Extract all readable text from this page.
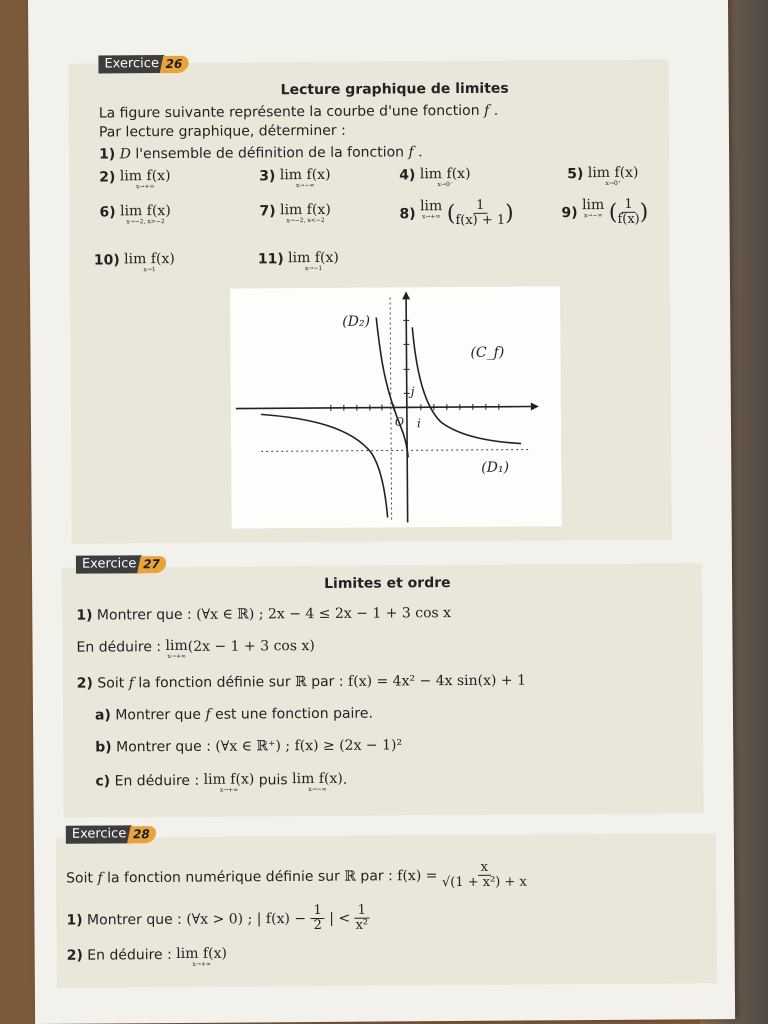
Exercice 26
Lecture graphique de limites
La figure suivante représente la courbe d'une fonction f .
Par lecture graphique, déterminer :
1) D l'ensemble de définition de la fonction f .
2) lim f(x)
x→+∞
3) lim f(x)
x→−∞
4) lim f(x)
x→0⁻
5) lim f(x)
x→0⁺
6) lim f(x)
x→−2, x>−2
7) lim f(x)
x→−2, x<−2	8) lim
x→+∞ ( $\frac{1}{f(x) + 1}$ )	9) lim
x→−∞ ( $\frac{1}{f(x)}$ )
10) lim f(x)
x→1
11) lim f(x)
x→−1
(D₂)
(C_f)
(D₁)
O i
j
Exercice 27
Limites et ordre
1) Montrer que : (∀x ∈ ℝ) ; 2x − 4 ≤ 2x − 1 + 3 cos x
En déduire : lim
x→+∞
(2x − 1 + 3 cos x)
2) Soit f la fonction définie sur ℝ par : f(x) = 4x² − 4x sin(x) + 1
a) Montrer que f est une fonction paire.
b) Montrer que : (∀x ∈ ℝ⁺) ; f(x) ≥ (2x − 1)²
c) En déduire : lim f(x)
x→+∞
puis lim f(x)
x→−∞
.
Exercice 28
Soit f la fonction numérique définie sur ℝ par : $f(x) = \frac{x}{\text{√(1 + x²) + x}}$
1) Montrer que : (∀x > 0) ; | $f(x) - \frac{1}{2}$ | < $\frac{1}{\text{x²}}$
2) En déduire : lim f(x)
x→+∞
